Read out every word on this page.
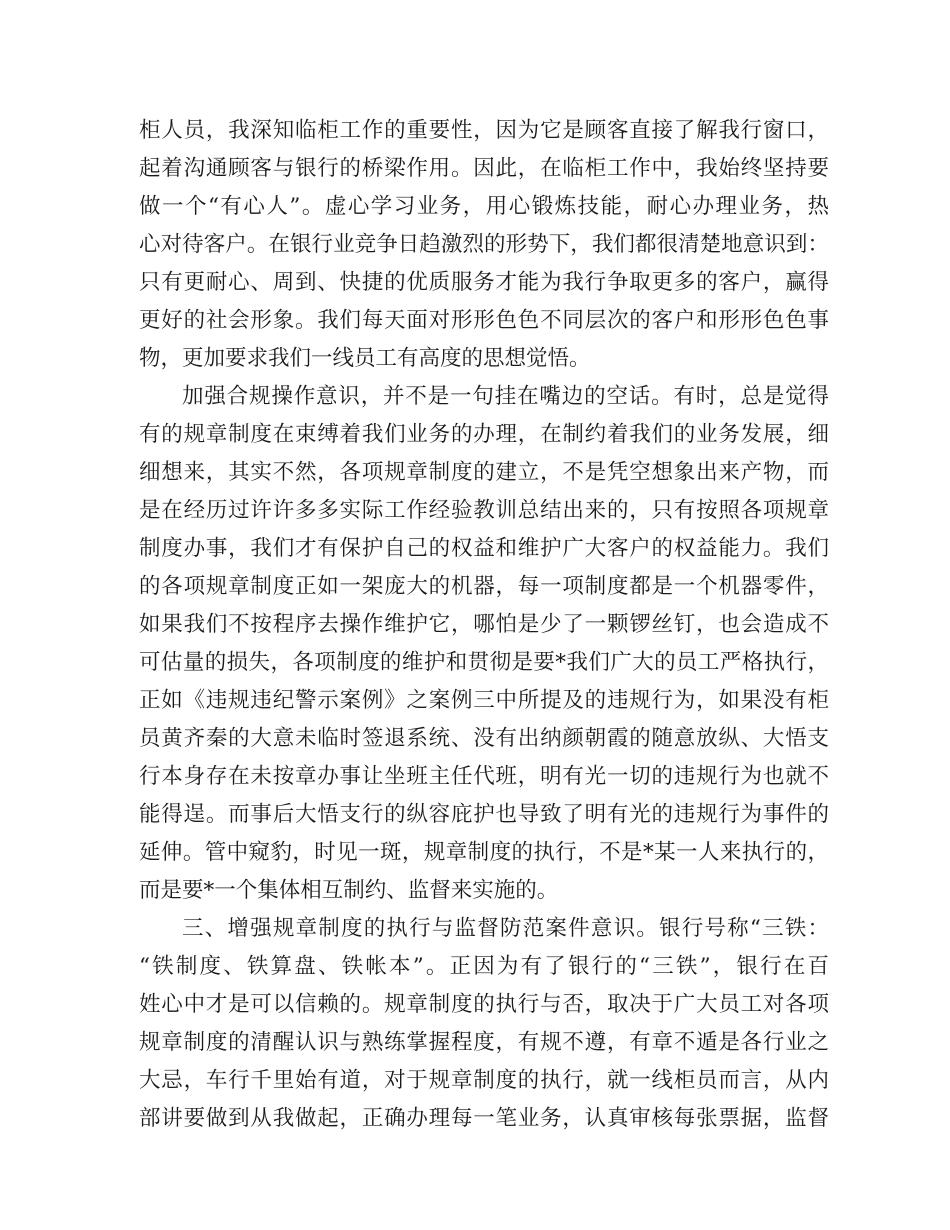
柜人员，我深知临柜工作的重要性，因为它是顾客直接了解我行窗口，
起着沟通顾客与银行的桥梁作用。因此，在临柜工作中，我始终坚持要
做一个“有心人”。虚心学习业务，用心锻炼技能，耐心办理业务，热
心对待客户。在银行业竞争日趋激烈的形势下，我们都很清楚地意识到：
只有更耐心、周到、快捷的优质服务才能为我行争取更多的客户，赢得
更好的社会形象。我们每天面对形形色色不同层次的客户和形形色色事
物，更加要求我们一线员工有高度的思想觉悟。
加强合规操作意识，并不是一句挂在嘴边的空话。有时，总是觉得
有的规章制度在束缚着我们业务的办理，在制约着我们的业务发展，细
细想来，其实不然，各项规章制度的建立，不是凭空想象出来产物，而
是在经历过许许多多实际工作经验教训总结出来的，只有按照各项规章
制度办事，我们才有保护自己的权益和维护广大客户的权益能力。我们
的各项规章制度正如一架庞大的机器，每一项制度都是一个机器零件，
如果我们不按程序去操作维护它，哪怕是少了一颗锣丝钉，也会造成不
可估量的损失，各项制度的维护和贯彻是要*我们广大的员工严格执行，
正如《违规违纪警示案例》之案例三中所提及的违规行为，如果没有柜
员黄齐秦的大意未临时签退系统、没有出纳颜朝霞的随意放纵、大悟支
行本身存在未按章办事让坐班主任代班，明有光一切的违规行为也就不
能得逞。而事后大悟支行的纵容庇护也导致了明有光的违规行为事件的
延伸。管中窥豹，时见一斑，规章制度的执行，不是*某一人来执行的，
而是要*一个集体相互制约、监督来实施的。
三、增强规章制度的执行与监督防范案件意识。银行号称“三铁：
“铁制度、铁算盘、铁帐本”。正因为有了银行的“三铁”，银行在百
姓心中才是可以信赖的。规章制度的执行与否，取决于广大员工对各项
规章制度的清醒认识与熟练掌握程度，有规不遵，有章不遁是各行业之
大忌，车行千里始有道，对于规章制度的执行，就一线柜员而言，从内
部讲要做到从我做起，正确办理每一笔业务，认真审核每张票据，监督
